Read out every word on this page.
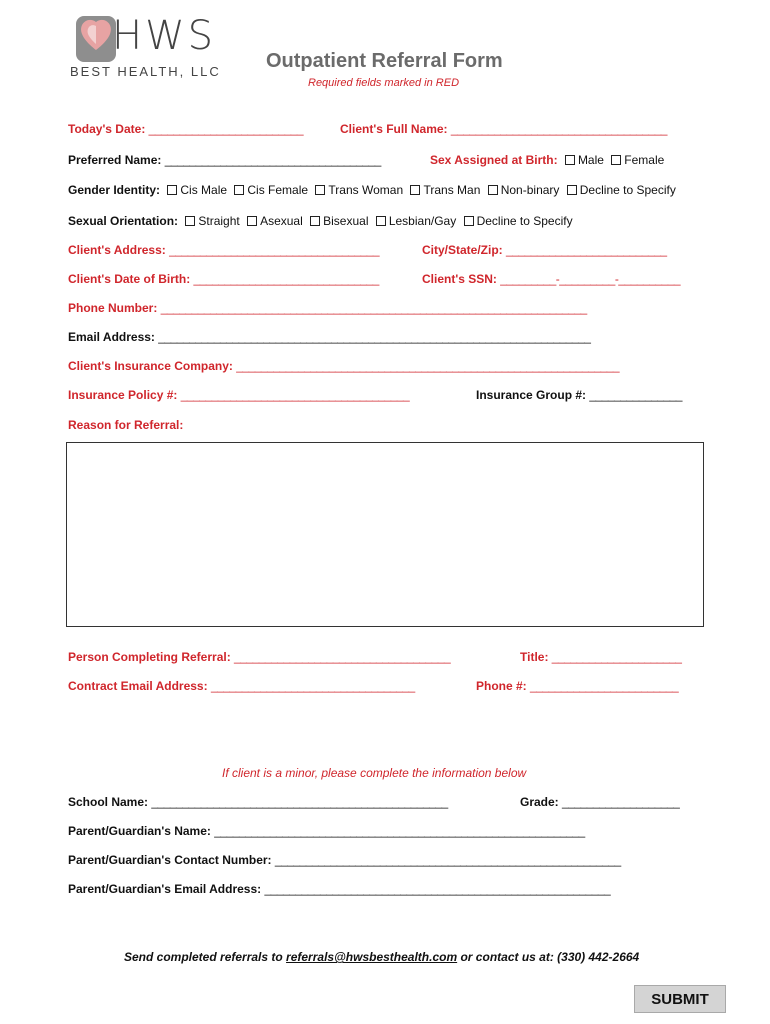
HWS
BEST HEALTH, LLC Outpatient Referral Form
Required fields marked in RED
Today's Date: _________________________	Client's Full Name: ___________________________________
Preferred Name: ___________________________________	Sex Assigned at Birth: Male Female
Gender Identity: Cis Male Cis Female Trans Woman Trans Man Non-binary Decline to Specify
Sexual Orientation: Straight Asexual Bisexual Lesbian/Gay Decline to Specify
Client's Address: __________________________________	City/State/Zip: __________________________
Client's Date of Birth: ______________________________	Client's SSN: _________-_________-__________
Phone Number: _____________________________________________________________________
Email Address: ______________________________________________________________________
Client's Insurance Company: ______________________________________________________________
Insurance Policy #: _____________________________________	Insurance Group #: _______________
Reason for Referral:
Person Completing Referral: ___________________________________	Title: _____________________
Contract Email Address: _________________________________	Phone #: ________________________
If client is a minor, please complete the information below
School Name: ________________________________________________	Grade: ___________________
Parent/Guardian's Name: ____________________________________________________________
Parent/Guardian's Contact Number: ________________________________________________________
Parent/Guardian's Email Address: ________________________________________________________
Send completed referrals to referrals@hwsbesthealth.com or contact us at: (330) 442-2664
SUBMIT
